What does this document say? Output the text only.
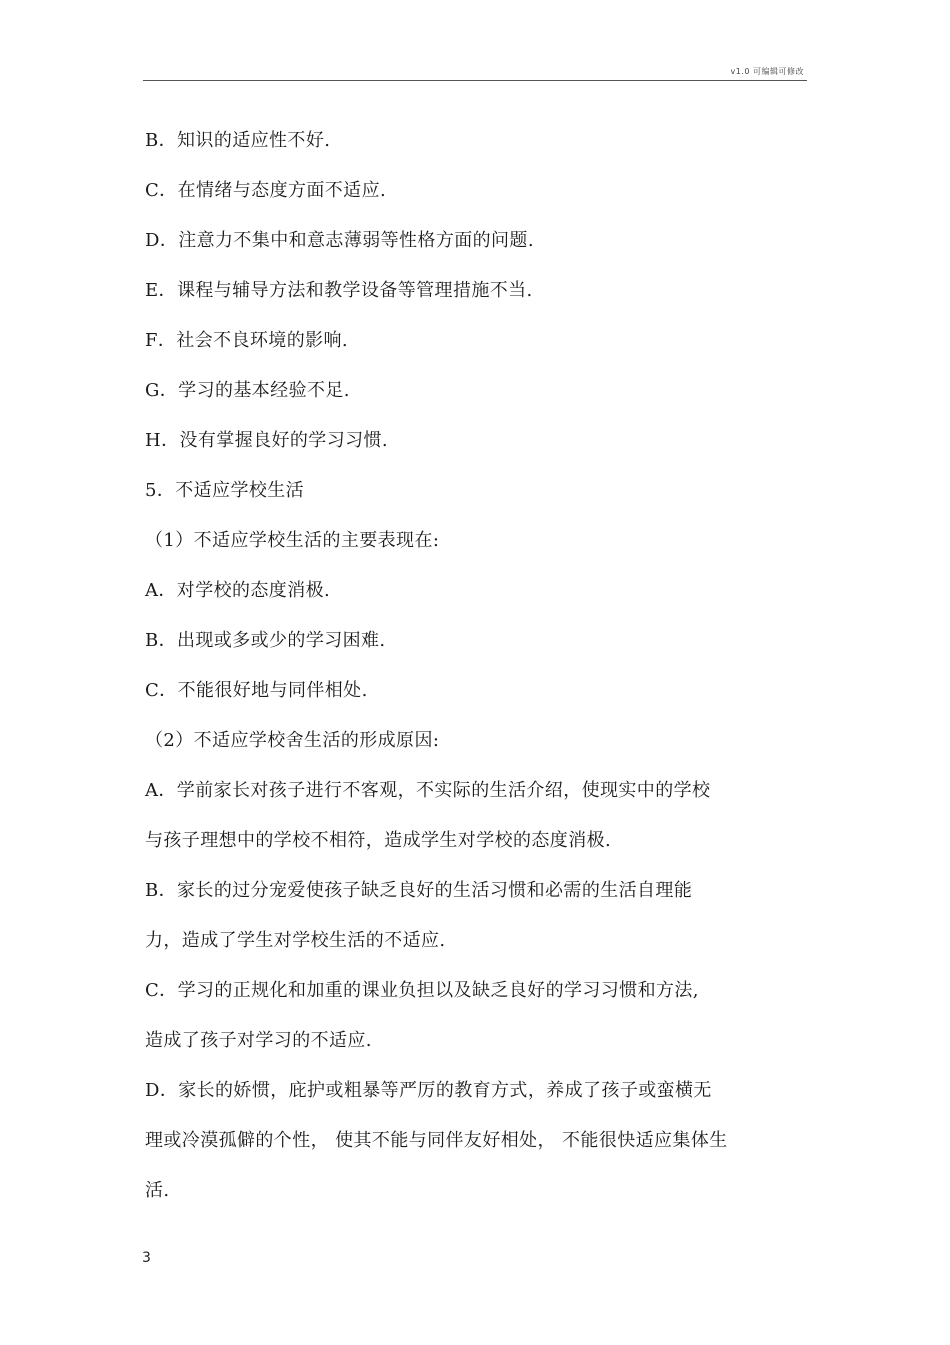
v1.0 可编辑可修改
B．知识的适应性不好.
C．在情绪与态度方面不适应.
D．注意力不集中和意志薄弱等性格方面的问题.
E．课程与辅导方法和教学设备等管理措施不当.
F．社会不良环境的影响.
G．学习的基本经验不足.
H．没有掌握良好的学习习惯.
5．不适应学校生活
（1）不适应学校生活的主要表现在:
A．对学校的态度消极.
B．出现或多或少的学习困难.
C．不能很好地与同伴相处.
（2）不适应学校舍生活的形成原因:
A．学前家长对孩子进行不客观，不实际的生活介绍，使现实中的学校
与孩子理想中的学校不相符，造成学生对学校的态度消极.
B．家长的过分宠爱使孩子缺乏良好的生活习惯和必需的生活自理能
力，造成了学生对学校生活的不适应.
C．学习的正规化和加重的课业负担以及缺乏良好的学习习惯和方法,
造成了孩子对学习的不适应.
D．家长的娇惯，庇护或粗暴等严厉的教育方式，养成了孩子或蛮横无
理或冷漠孤僻的个性， 使其不能与同伴友好相处， 不能很快适应集体生
活.
3
